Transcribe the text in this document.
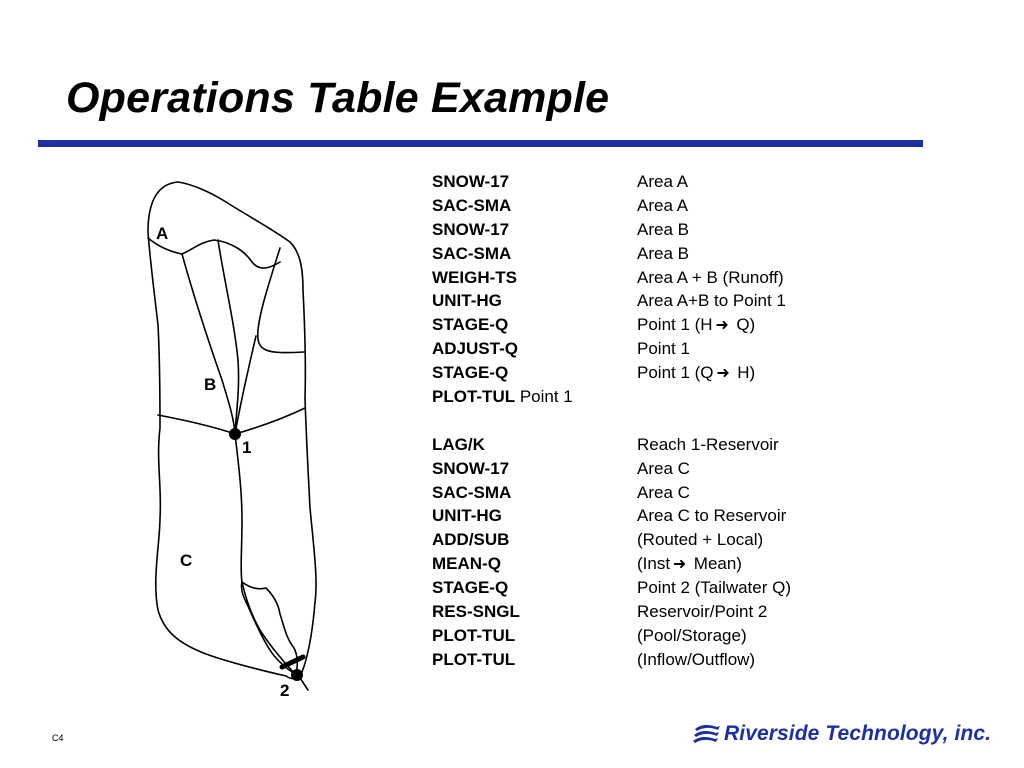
Operations Table Example
A
B
1
C
2
SNOW-17	Area A
SAC-SMA	Area A
SNOW-17	Area B
SAC-SMA	Area B
WEIGH-TS	Area A + B (Runoff)
UNIT-HG	Area A+B to Point 1
STAGE-Q	Point 1 (H ➜ Q)
ADJUST-Q	Point 1
STAGE-Q	Point 1 (Q ➜ H)
PLOT-TUL Point 1
LAG/K	Reach 1-Reservoir
SNOW-17	Area C
SAC-SMA	Area C
UNIT-HG	Area C to Reservoir
ADD/SUB	(Routed + Local)
MEAN-Q	(Inst ➜ Mean)
STAGE-Q	Point 2 (Tailwater Q)
RES-SNGL	Reservoir/Point 2
PLOT-TUL	(Pool/Storage)
PLOT-TUL	(Inflow/Outflow)
C4	Riverside Technology, inc.
